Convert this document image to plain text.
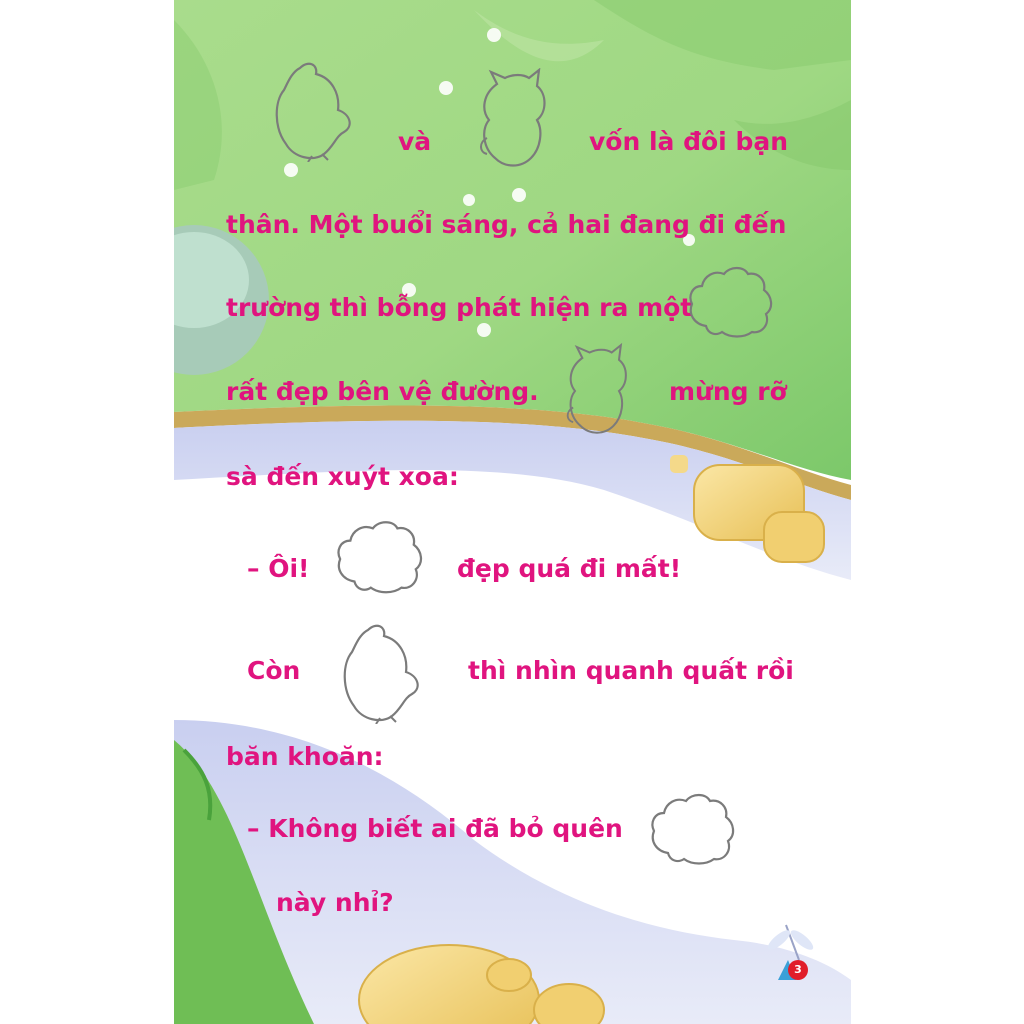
và	vốn là đôi bạn

thân. Một buổi sáng, cả hai đang đi đến

trường thì bỗng phát hiện ra một

rất đẹp bên vệ đường.	mừng rỡ

sà đến xuýt xoa:

– Ôi!	đẹp quá đi mất!

Còn	thì nhìn quanh quất rồi

băn khoăn:

– Không biết ai đã bỏ quên

này nhỉ?

3
